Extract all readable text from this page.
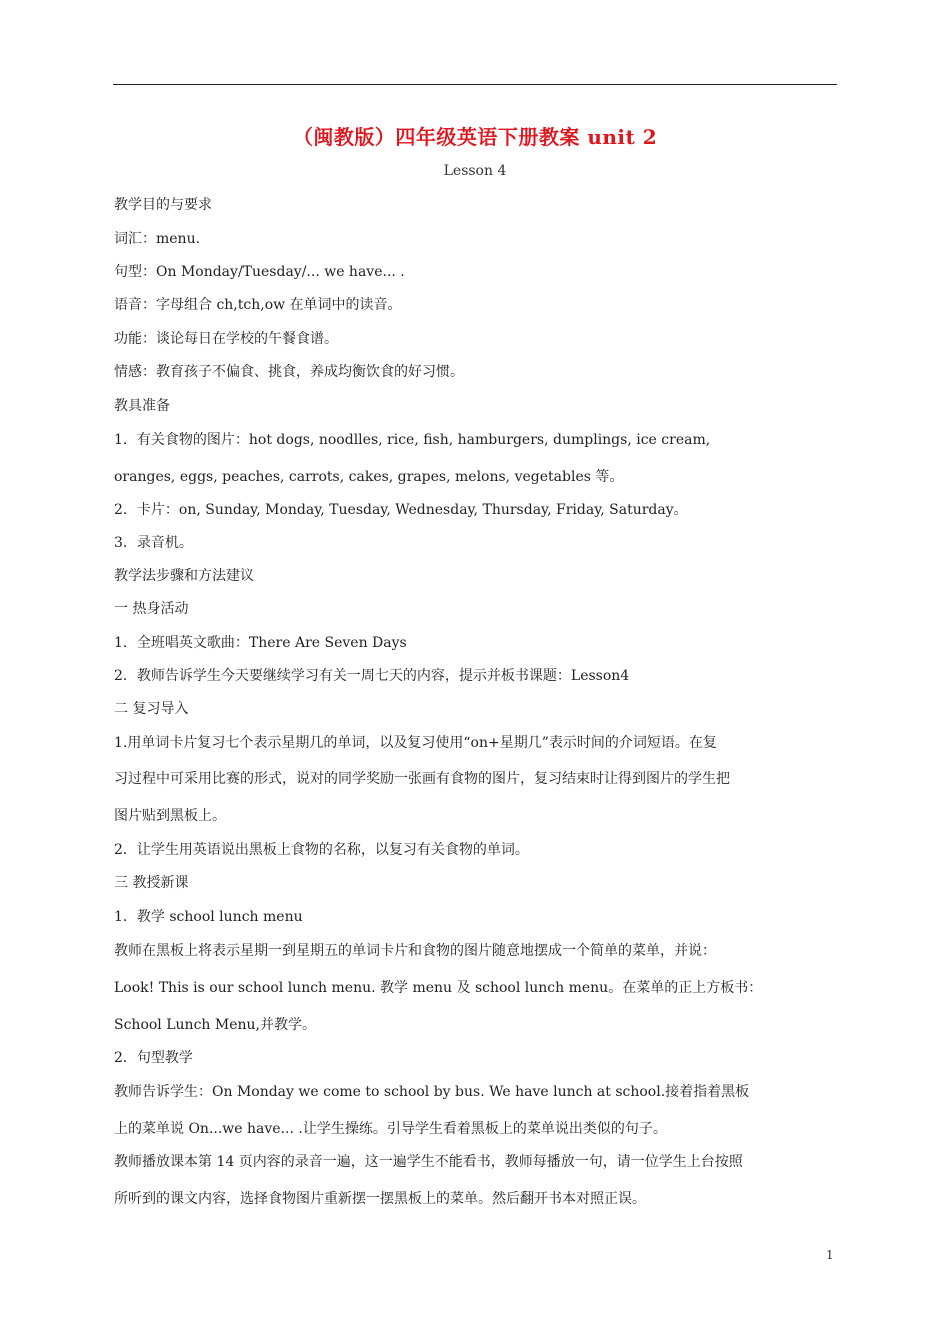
（闽教版）四年级英语下册教案 unit 2
Lesson 4

教学目的与要求

词汇：menu.

句型：On Monday/Tuesday/... we have... .

语音：字母组合 ch,tch,ow 在单词中的读音。

功能：谈论每日在学校的午餐食谱。

情感：教育孩子不偏食、挑食，养成均衡饮食的好习惯。

教具准备

1．有关食物的图片：hot dogs, noodlles, rice, fish, hamburgers, dumplings, ice cream,

oranges, eggs, peaches, carrots, cakes, grapes, melons, vegetables 等。

2．卡片：on, Sunday, Monday, Tuesday, Wednesday, Thursday, Friday, Saturday。

3．录音机。

教学法步骤和方法建议

一 热身活动

1．全班唱英文歌曲：There Are Seven Days

2．教师告诉学生今天要继续学习有关一周七天的内容，提示并板书课题：Lesson4

二 复习导入

1.用单词卡片复习七个表示星期几的单词，以及复习使用“on+星期几”表示时间的介词短语。在复

习过程中可采用比赛的形式，说对的同学奖励一张画有食物的图片，复习结束时让得到图片的学生把

图片贴到黑板上。

2．让学生用英语说出黑板上食物的名称，以复习有关食物的单词。

三 教授新课

1．教学 school lunch menu

教师在黑板上将表示星期一到星期五的单词卡片和食物的图片随意地摆成一个简单的菜单，并说：

Look! This is our school lunch menu. 教学 menu 及 school lunch menu。在菜单的正上方板书：

School Lunch Menu,并教学。

2．句型教学

教师告诉学生：On Monday we come to school by bus. We have lunch at school.接着指着黑板

上的菜单说 On...we have... .让学生操练。引导学生看着黑板上的菜单说出类似的句子。

教师播放课本第 14 页内容的录音一遍，这一遍学生不能看书，教师每播放一句，请一位学生上台按照

所听到的课文内容，选择食物图片重新摆一摆黑板上的菜单。然后翻开书本对照正误。

1
